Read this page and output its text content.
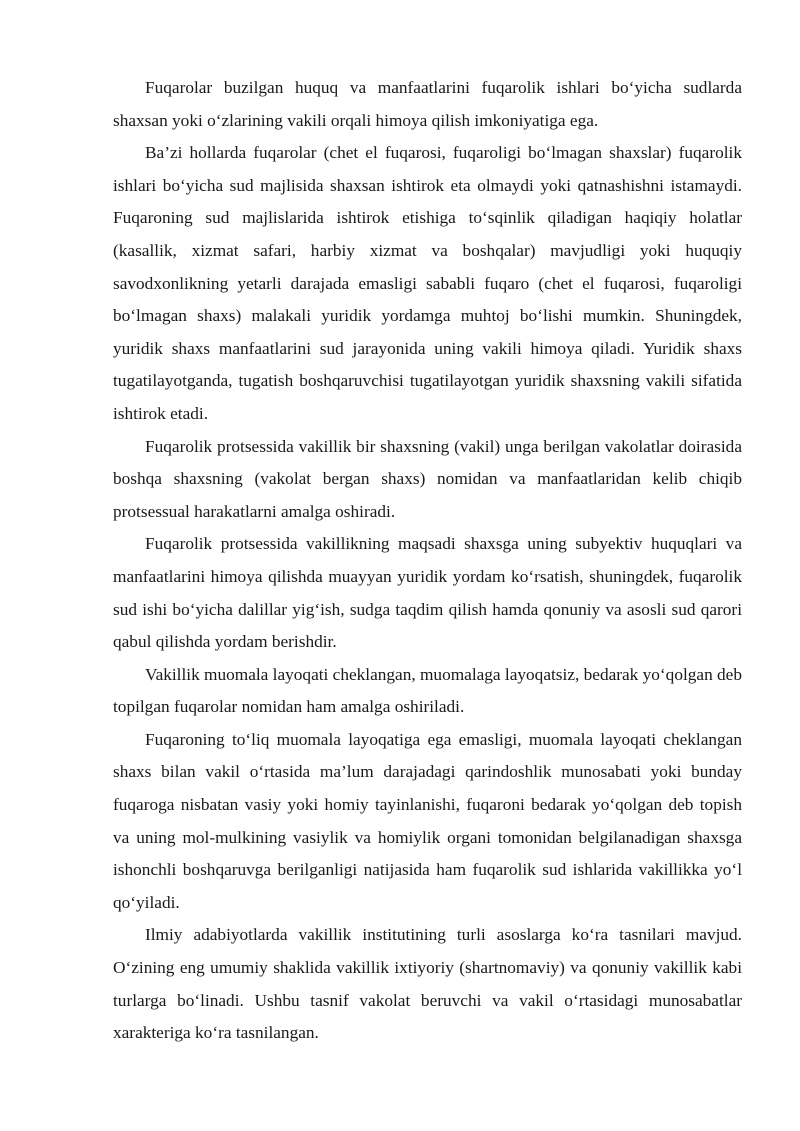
Fuqarolar buzilgan huquq va manfaatlarini fuqarolik ishlari bo‘yicha sudlarda shaxsan yoki o‘zlarining vakili orqali himoya qilish imkoniyatiga ega.

Ba’zi hollarda fuqarolar (chet el fuqarosi, fuqaroligi bo‘lmagan shaxslar) fuqarolik ishlari bo‘yicha sud majlisida shaxsan ishtirok eta olmaydi yoki qatnashishni istamaydi. Fuqaroning sud majlislarida ishtirok etishiga to‘sqinlik qiladigan haqiqiy holatlar (kasallik, xizmat safari, harbiy xizmat va boshqalar) mavjudligi yoki huquqiy savodxonlikning yetarli darajada emasligi sababli fuqaro (chet el fuqarosi, fuqaroligi bo‘lmagan shaxs) malakali yuridik yordamga muhtoj bo‘lishi mumkin. Shuningdek, yuridik shaxs manfaatlarini sud jarayonida uning vakili himoya qiladi. Yuridik shaxs tugatilayotganda, tugatish boshqaruvchisi tugatilayotgan yuridik shaxsning vakili sifatida ishtirok etadi.

Fuqarolik protsessida vakillik bir shaxsning (vakil) unga berilgan vakolatlar doirasida boshqa shaxsning (vakolat bergan shaxs) nomidan va manfaatlaridan kelib chiqib protsessual harakatlarni amalga oshiradi.

Fuqarolik protsessida vakillikning maqsadi shaxsga uning subyektiv huquqlari va manfaatlarini himoya qilishda muayyan yuridik yordam ko‘rsatish, shuningdek, fuqarolik sud ishi bo‘yicha dalillar yig‘ish, sudga taqdim qilish hamda qonuniy va asosli sud qarori qabul qilishda yordam berishdir.

Vakillik muomala layoqati cheklangan, muomalaga layoqatsiz, bedarak yo‘qolgan deb topilgan fuqarolar nomidan ham amalga oshiriladi.

Fuqaroning to‘liq muomala layoqatiga ega emasligi, muomala layoqati cheklangan shaxs bilan vakil o‘rtasida ma’lum darajadagi qarindoshlik munosabati yoki bunday fuqaroga nisbatan vasiy yoki homiy tayinlanishi, fuqaroni bedarak yo‘qolgan deb topish va uning mol-mulkining vasiylik va homiylik organi tomonidan belgilanadigan shaxsga ishonchli boshqaruvga berilganligi natijasida ham fuqarolik sud ishlarida vakillikka yo‘l qo‘yiladi.

Ilmiy adabiyotlarda vakillik institutining turli asoslarga ko‘ra tasnilari mavjud. O‘zining eng umumiy shaklida vakillik ixtiyoriy (shartnomaviy) va qonuniy vakillik kabi turlarga bo‘linadi. Ushbu tasnif vakolat beruvchi va vakil o‘rtasidagi munosabatlar xarakteriga ko‘ra tasnilangan.
